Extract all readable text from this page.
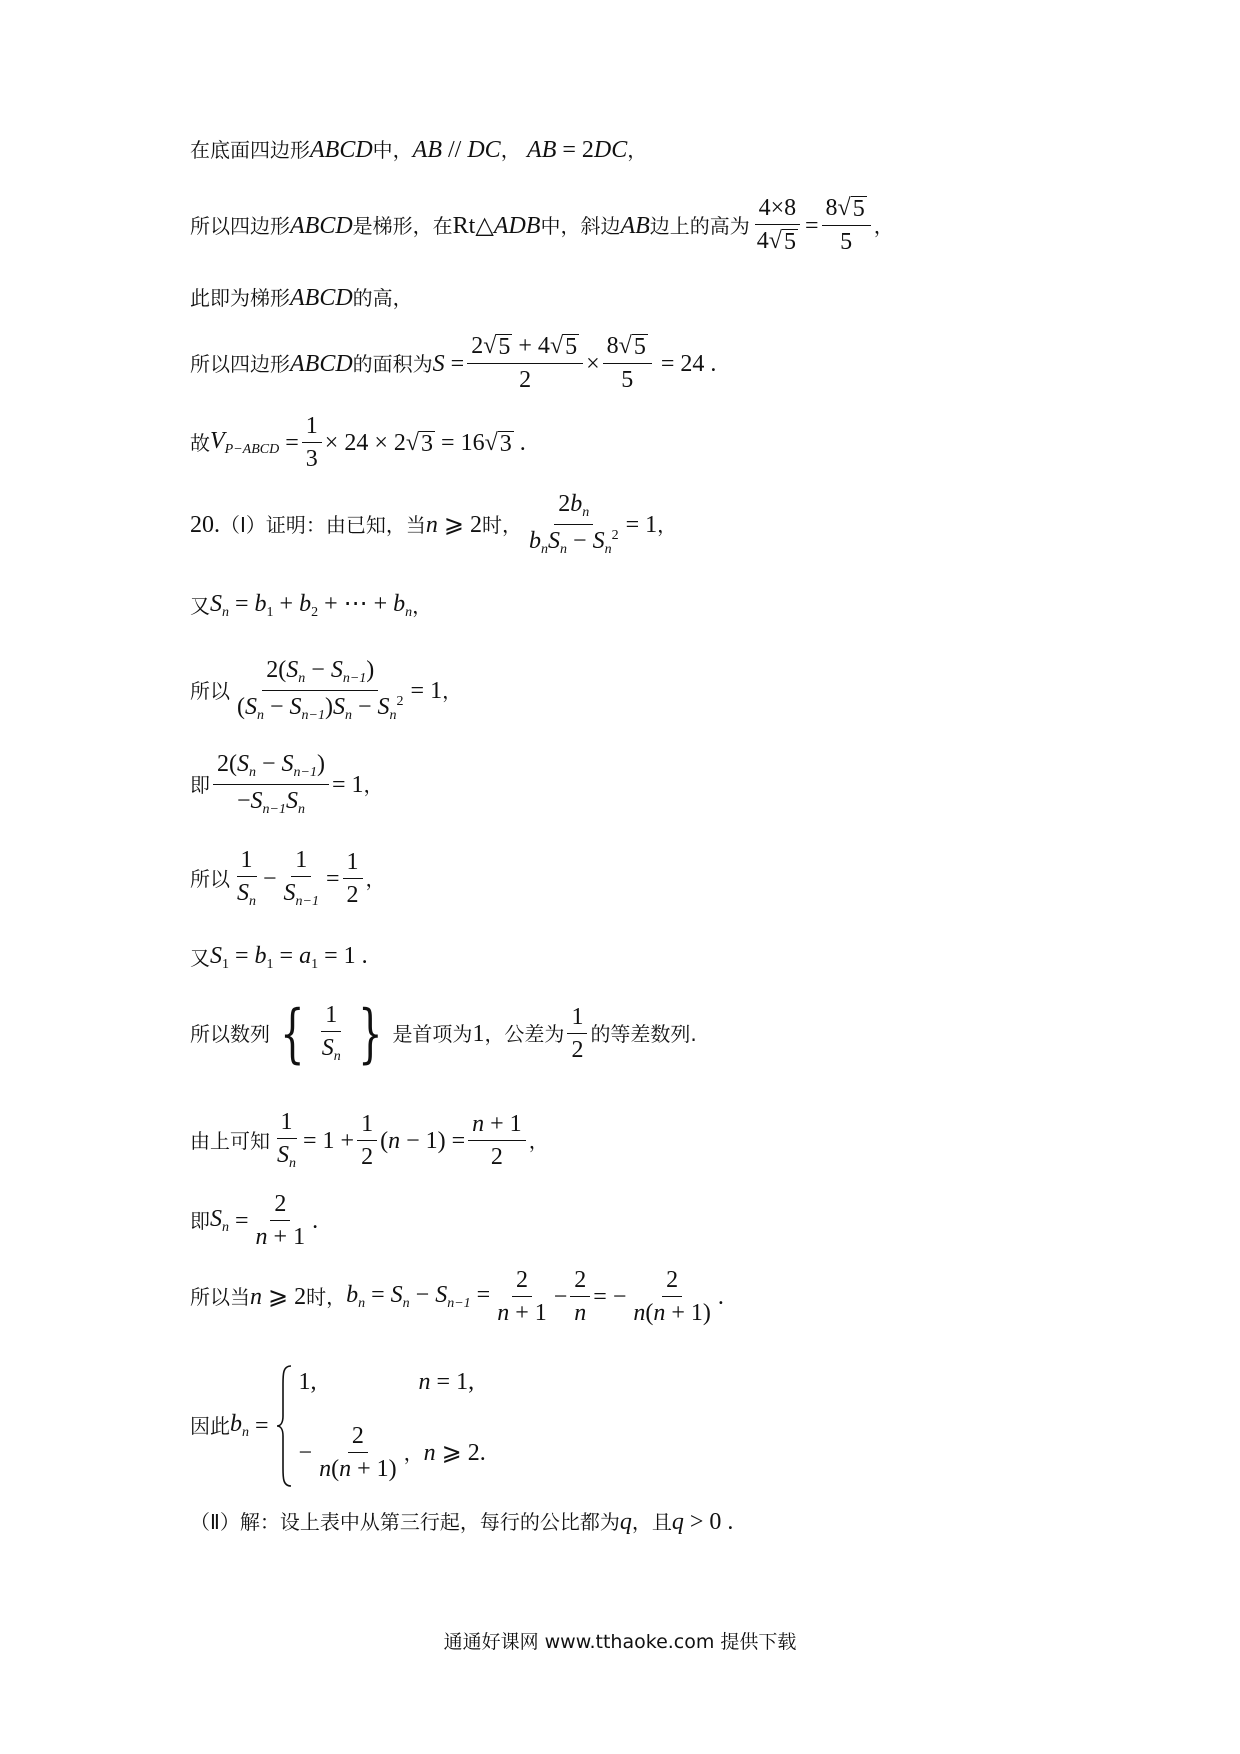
在底面四边形 ABCD 中， AB // DC ， AB = 2 DC ，
所以四边形 ABCD 是梯形，在 Rt△ ADB 中，斜边 AB 边上的高为 $\frac{4\times 8}{4 √ 5} = \frac{8 √ 5}{5}$ ，
此即为梯形 ABCD 的高，
所以四边形 ABCD 的面积为 $S = \frac{2 √ 5 + 4 √ 5}{2} \times \frac{8 √ 5}{5} = 24$ .
故 $V_{P-ABCD} = \frac{1}{3} \times 24 \times 2$ √ 3 = 16 √ 3 .
20. （Ⅰ）证明：由已知，当 n ⩾ 2 时， $\frac{2b_n}{b_nS_n - S_n^2} = 1$ ，
又 $S_n = b_1 + b_2$ + ⋯ + $b_n$ ，
所以 $\frac{2(S_n - S_{n-1})}{(S_n - S_{n-1})S_n - S_n^2} = 1$ ，
即 $\frac{2(S_n - S_{n-1})}{-S_{n-1}S_n} = 1$ ，
所以 $\frac{1}{S_n} - \frac{1}{S_{n-1}} = \frac{1}{2}$ ，
又 $S_1 = b_1 = a_1 = 1$ .
所以数列 { $\frac{1}{S_n}$ } 是首项为 1 ，公差为 $\frac{1}{2}$ 的等差数列.
由上可知 $\frac{1}{S_n} = 1 + \frac{1}{2} (n - 1) = \frac{n + 1}{2}$ ，
即 $S_n = \frac{2}{n + 1}$ .
所以当 n ⩾ 2 时， $b_n = S_n - S_{n-1} = \frac{2}{n + 1} - \frac{2}{n}$ = − $\frac{2}{n(n + 1)}$ .
因此 $b_n$ =
1,	n = 1,
− $\frac{2}{n(n + 1)}$ ， n ⩾ 2.
（Ⅱ）解：设上表中从第三行起，每行的公比都为 q ，且 q > 0 .
通通好课网 www.tthaoke.com 提供下载
